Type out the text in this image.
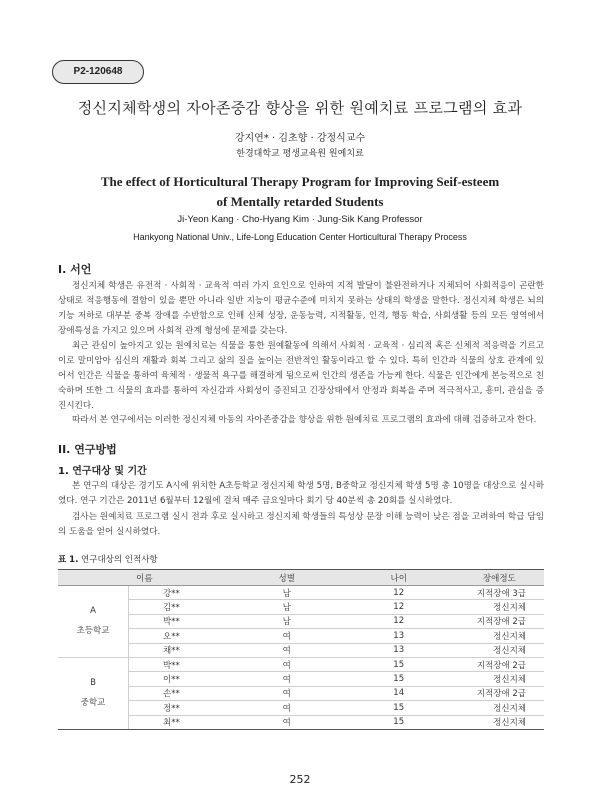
P2-120648
정신지체학생의 자아존중감 향상을 위한 원예치료 프로그램의 효과
강지연* · 김초향 · 강정식교수
한경대학교 평생교육원 원예치료
The effect of Horticultural Therapy Program for Improving Seif-esteem
of Mentally retarded Students
Ji-Yeon Kang · Cho-Hyang Kim · Jung-Sik Kang Professor
Hankyong National Univ., Life-Long Education Center Horticultural Therapy Process
I. 서언
정신지체 학생은 유전적 · 사회적 · 교육적 여러 가지 요인으로 인하여 지적 발달이 불완전하거나 지체되어 사회적응이 곤란한 상태로 적응행동에 결함이 있을 뿐만 아니라 일반 지능이 평균수준에 미치지 못하는 상태의 학생을 말한다. 정신지체 학생은 뇌의 기능 저하로 대부분 중복 장애를 수반함으로 인해 신체 성장, 운동능력, 지적활동, 인격, 행동 학습, 사회생활 등의 모든 영역에서 장애특성을 가지고 있으며 사회적 관계 형성에 문제를 갖는다.
최근 관심이 높아지고 있는 원예치료는 식물을 통한 원예활동에 의해서 사회적 · 교육적 · 심리적 혹은 신체적 적응력을 기르고 이로 말미암아 심신의 재활과 회복 그리고 삶의 질을 높이는 전반적인 활동이라고 할 수 있다. 특히 인간과 식물의 상호 관계에 있어서 인간은 식물을 통하여 육체적 · 생물적 욕구를 해결하게 됨으로써 인간의 생존을 가능케 한다. 식물은 인간에게 본능적으로 친숙하며 또한 그 식물의 효과를 통하여 자신감과 사회성이 증진되고 긴장상태에서 안정과 회복을 주며 적극적사고, 흥미, 관심을 증진시킨다.
따라서 본 연구에서는 이러한 정신지체 아동의 자아존중감을 향상을 위한 원예치료 프로그램의 효과에 대해 검증하고자 한다.
II. 연구방법
1. 연구대상 및 기간
본 연구의 대상은 경기도 A시에 위치한 A초등학교 정신지체 학생 5명, B중학교 정신지체 학생 5명 총 10명을 대상으로 실시하였다. 연구 기간은 2011년 6월부터 12월에 걸쳐 매주 금요일마다 회기 당 40분씩 총 20회를 실시하였다.
검사는 원예치료 프로그램 실시 전과 후로 실시하고 정신지체 학생들의 특성상 문장 이해 능력이 낮은 점을 고려하여 학급 담임의 도움을 얻어 실시하였다.
표 1. 연구대상의 인적사항
이름		성별	나이	장애정도

A
초등학교	강**	남	12	지적장애 3급
	김**	남	12	정신지체
	박**	남	12	지적장애 2급
	오**	여	13	정신지체
	채**	여	13	정신지체

B
중학교	박**	여	15	지적장애 2급
	이**	여	15	정신지체
	손**	여	14	지적장애 2급
	정**	여	15	정신지체
	최**	여	15	정신지체
252
